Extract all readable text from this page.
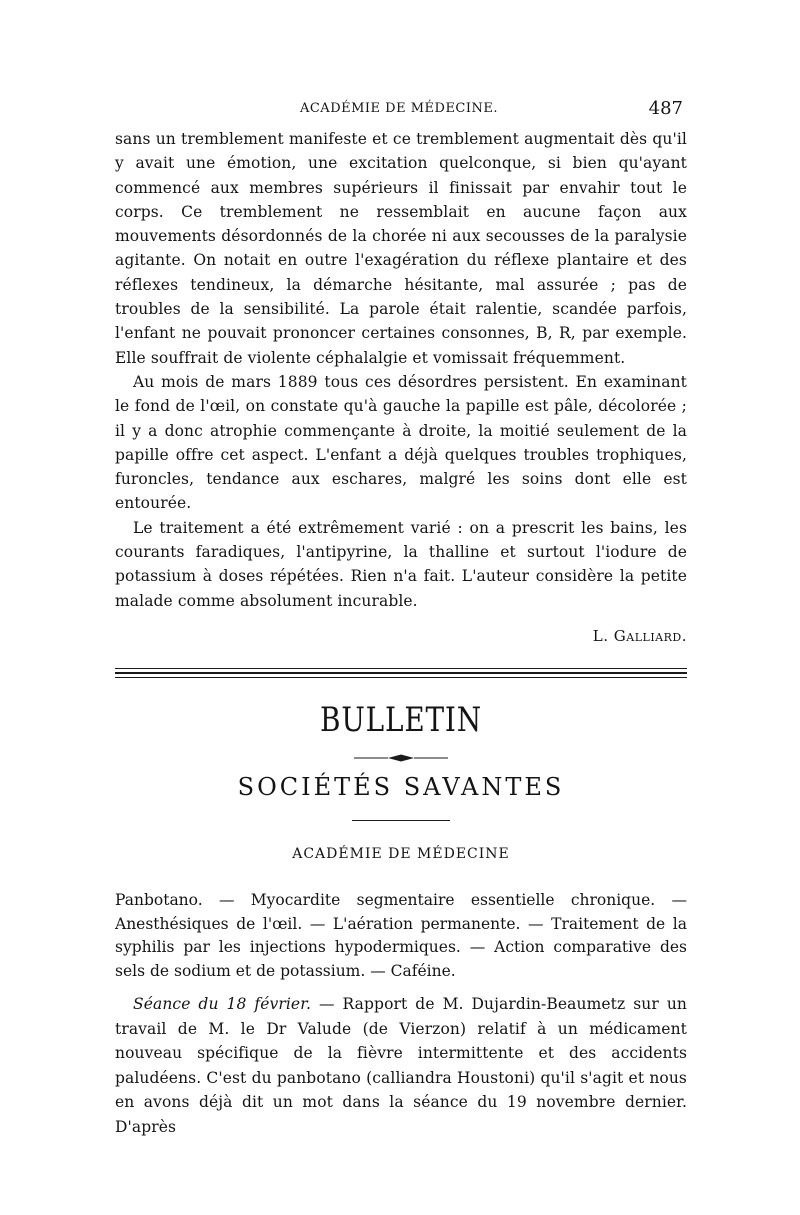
ACADÉMIE DE MÉDECINE.	487

sans un tremblement manifeste et ce tremblement augmentait dès qu'il y avait une émotion, une excitation quelconque, si bien qu'ayant commencé aux membres supérieurs il finissait par envahir tout le corps. Ce tremblement ne ressemblait en aucune façon aux mouvements désordonnés de la chorée ni aux secousses de la paralysie agitante. On notait en outre l'exagération du réflexe plantaire et des réflexes tendineux, la démarche hésitante, mal assurée ; pas de troubles de la sensibilité. La parole était ralentie, scandée parfois, l'enfant ne pouvait prononcer certaines consonnes, B, R, par exemple. Elle souffrait de violente céphalalgie et vomissait fréquemment.

Au mois de mars 1889 tous ces désordres persistent. En examinant le fond de l'œil, on constate qu'à gauche la papille est pâle, décolorée ; il y a donc atrophie commençante à droite, la moitié seulement de la papille offre cet aspect. L'enfant a déjà quelques troubles trophiques, furoncles, tendance aux eschares, malgré les soins dont elle est entourée.

Le traitement a été extrêmement varié : on a prescrit les bains, les courants faradiques, l'antipyrine, la thalline et surtout l'iodure de potassium à doses répétées. Rien n'a fait. L'auteur considère la petite malade comme absolument incurable.

L. Galliard.
BULLETIN
SOCIÉTÉS SAVANTES
ACADÉMIE DE MÉDECINE
Panbotano. — Myocardite segmentaire essentielle chronique. — Anesthésiques de l'œil. — L'aération permanente. — Traitement de la syphilis par les injections hypodermiques. — Action comparative des sels de sodium et de potassium. — Caféine.

Séance du 18 février. — Rapport de M. Dujardin-Beaumetz sur un travail de M. le Dr Valude (de Vierzon) relatif à un médicament nouveau spécifique de la fièvre intermittente et des accidents paludéens. C'est du panbotano (calliandra Houstoni) qu'il s'agit et nous en avons déjà dit un mot dans la séance du 19 novembre dernier. D'après
